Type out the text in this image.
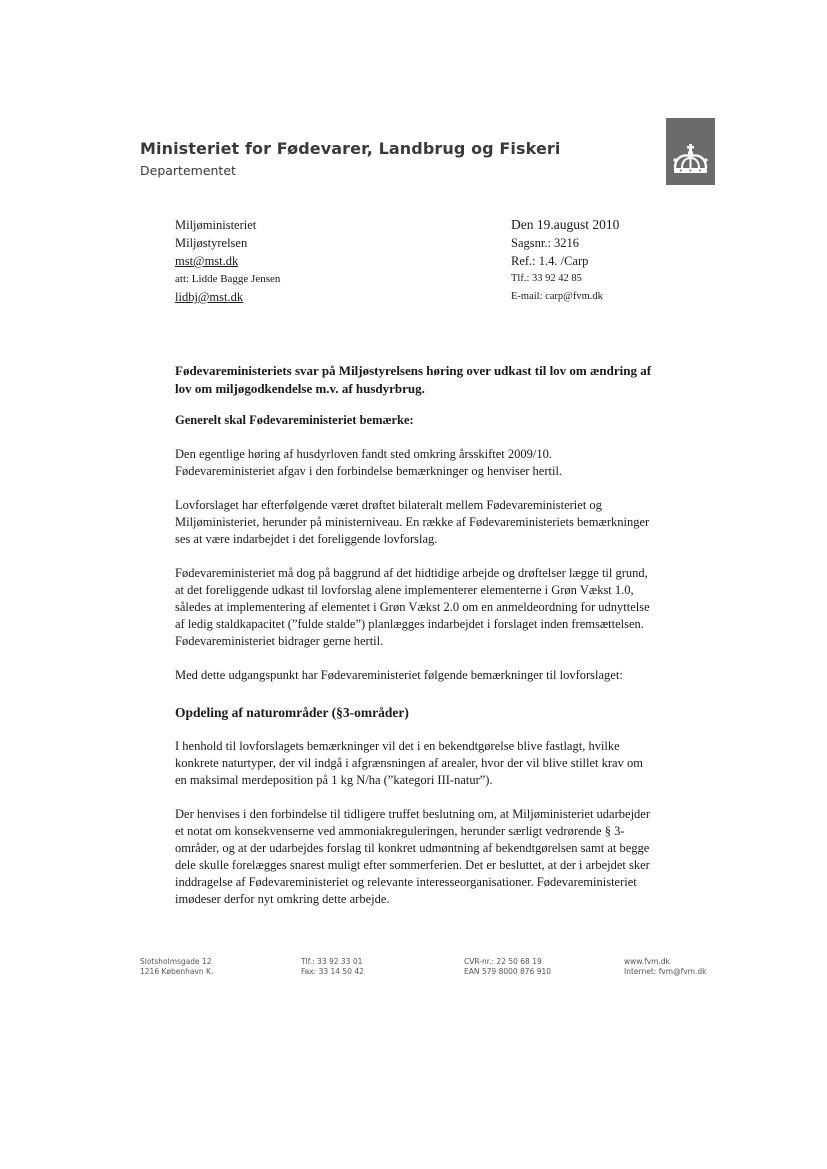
Ministeriet for Fødevarer, Landbrug og Fiskeri
Departementet
Miljøministeriet
Miljøstyrelsen
mst@mst.dk
att: Lidde Bagge Jensen
lidbj@mst.dk
Den 19.august 2010
Sagsnr.: 3216
Ref.: 1.4. /Carp
Tlf.: 33 92 42 85
E-mail: carp@fvm.dk

Fødevareministeriets svar på Miljøstyrelsens høring over udkast til lov om ændring af lov om miljøgodkendelse m.v. af husdyrbrug.

Generelt skal Fødevareministeriet bemærke:

Den egentlige høring af husdyrloven fandt sted omkring årsskiftet 2009/10. Fødevareministeriet afgav i den forbindelse bemærkninger og henviser hertil.

Lovforslaget har efterfølgende været drøftet bilateralt mellem Fødevareministeriet og Miljøministeriet, herunder på ministerniveau. En række af Fødevareministeriets bemærkninger ses at være indarbejdet i det foreliggende lovforslag.

Fødevareministeriet må dog på baggrund af det hidtidige arbejde og drøftelser lægge til grund, at det foreliggende udkast til lovforslag alene implementerer elementerne i Grøn Vækst 1.0, således at implementering af elementet i Grøn Vækst 2.0 om en anmeldeordning for udnyttelse af ledig staldkapacitet (”fulde stalde”) planlægges indarbejdet i forslaget inden fremsættelsen. Fødevareministeriet bidrager gerne hertil.

Med dette udgangspunkt har Fødevareministeriet følgende bemærkninger til lovforslaget:

Opdeling af naturområder (§3-områder)

I henhold til lovforslagets bemærkninger vil det i en bekendtgørelse blive fastlagt, hvilke konkrete naturtyper, der vil indgå i afgrænsningen af arealer, hvor der vil blive stillet krav om en maksimal merdeposition på 1 kg N/ha (”kategori III-natur”).

Der henvises i den forbindelse til tidligere truffet beslutning om, at Miljøministeriet udarbejder et notat om konsekvenserne ved ammoniakreguleringen, herunder særligt vedrørende § 3-områder, og at der udarbejdes forslag til konkret udmøntning af bekendtgørelsen samt at begge dele skulle forelægges snarest muligt efter sommerferien. Det er besluttet, at der i arbejdet sker inddragelse af Fødevareministeriet og relevante interesseorganisationer. Fødevareministeriet imødeser derfor nyt omkring dette arbejde.

Slotsholmsgade 12
1216 København K.
Tlf.: 33 92 33 01
Fax: 33 14 50 42
CVR-nr.: 22 50 68 19
EAN 579 8000 876 910
www.fvm.dk
Internet: fvm@fvm.dk
